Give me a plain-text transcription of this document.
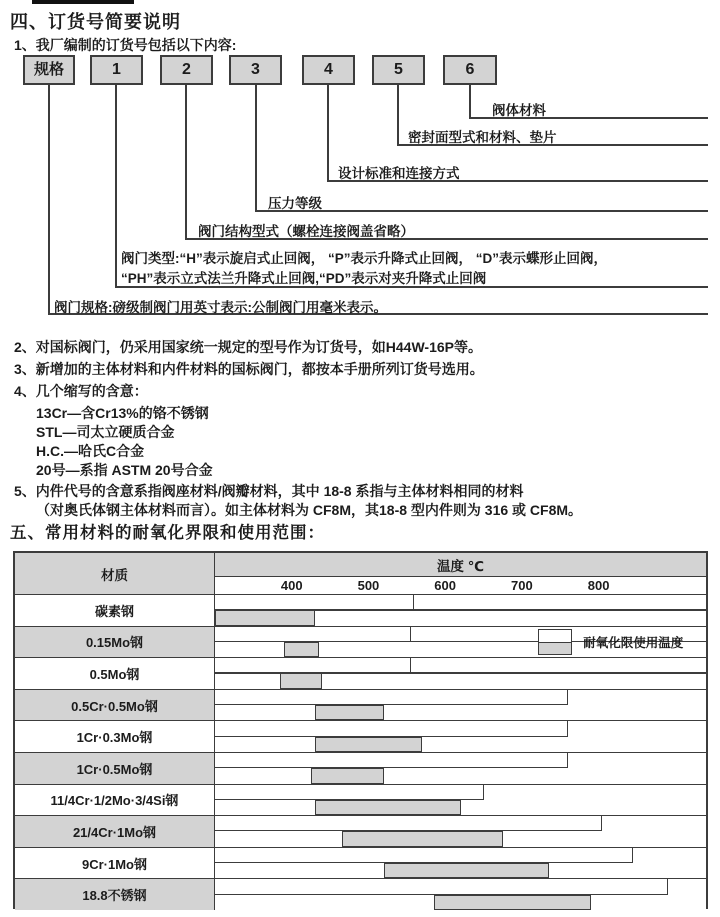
四、订货号简要说明
1、我厂编制的订货号包括以下内容:
规格	1	2	3	4	5	6
阀体材料
密封面型式和材料、垫片
设计标准和连接方式
压力等级
阀门结构型式（螺栓连接阀盖省略）
阀门类型:“H”表示旋启式止回阀， “P”表示升降式止回阀， “D”表示蝶形止回阀，
“PH”表示立式法兰升降式止回阀,“PD”表示对夹升降式止回阀
阀门规格:磅级制阀门用英寸表示:公制阀门用毫米表示。
2、对国标阀门，仍采用国家统一规定的型号作为订货号，如H44W-16P等。
3、新增加的主体材料和内件材料的国标阀门，都按本手册所列订货号选用。
4、几个缩写的含意：
13Cr—含Cr13%的铬不锈钢
STL—司太立硬质合金
H.C.—哈氏C合金
20号—系指 ASTM 20号合金
5、内件代号的含意系指阀座材料/阀瓣材料，其中 18-8 系指与主体材料相同的材料
（对奥氏体钢主体材料而言）。如主体材料为 CF8M，其18-8 型内件则为 316 或 CF8M。
五、常用材料的耐氧化界限和使用范围：
材质
温度 ℃
400	500	600	700	800
碳素钢
0.15Mo钢	耐氧化限使用温度
0.5Mo钢
0.5Cr·0.5Mo钢
1Cr·0.3Mo钢
1Cr·0.5Mo钢
11/4Cr·1/2Mo·3/4Si钢
21/4Cr·1Mo钢
9Cr·1Mo钢
18.8不锈钢
